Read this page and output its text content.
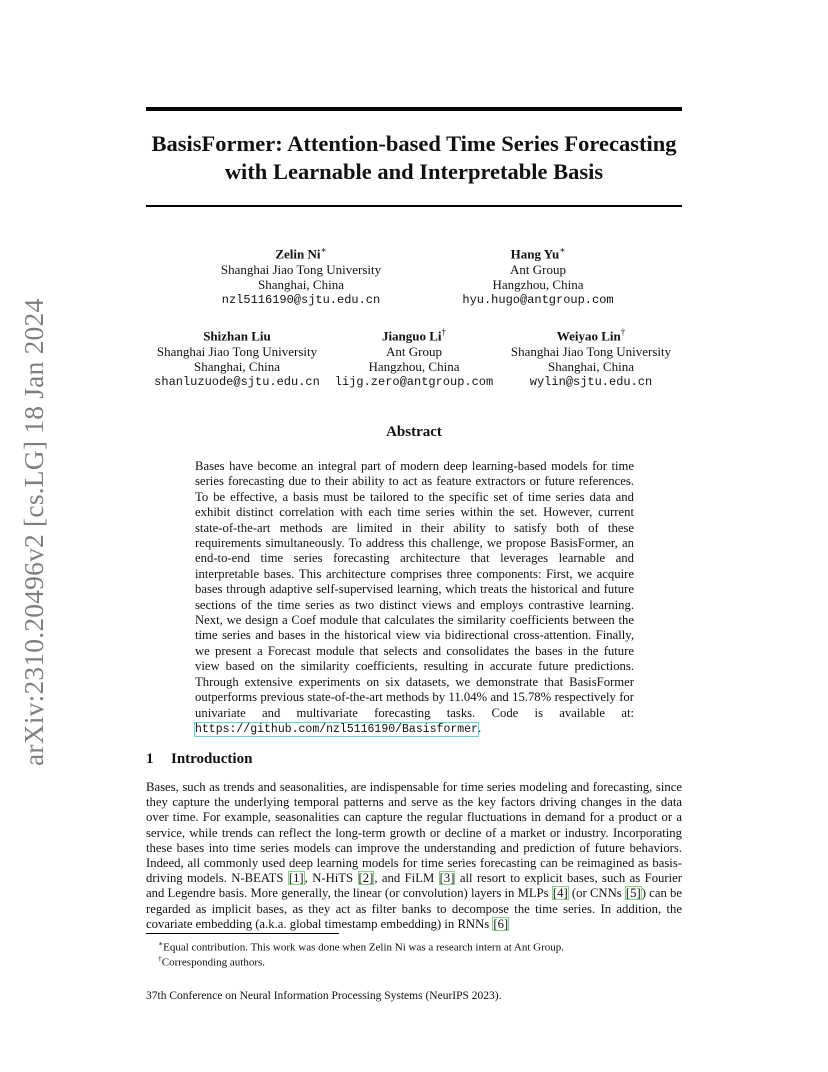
arXiv:2310.20496v2 [cs.LG] 18 Jan 2024
BasisFormer: Attention-based Time Series Forecasting
with Learnable and Interpretable Basis
Zelin Ni∗
Shanghai Jiao Tong University
Shanghai, China
nzl5116190@sjtu.edu.cn
Hang Yu∗
Ant Group
Hangzhou, China
hyu.hugo@antgroup.com
Shizhan Liu
Shanghai Jiao Tong University
Shanghai, China
shanluzuode@sjtu.edu.cn
Jianguo Li†
Ant Group
Hangzhou, China
lijg.zero@antgroup.com
Weiyao Lin†
Shanghai Jiao Tong University
Shanghai, China
wylin@sjtu.edu.cn
Abstract
Bases have become an integral part of modern deep learning-based models for time series forecasting due to their ability to act as feature extractors or future references. To be effective, a basis must be tailored to the specific set of time series data and exhibit distinct correlation with each time series within the set. However, current state-of-the-art methods are limited in their ability to satisfy both of these requirements simultaneously. To address this challenge, we propose BasisFormer, an end-to-end time series forecasting architecture that leverages learnable and interpretable bases. This architecture comprises three components: First, we acquire bases through adaptive self-supervised learning, which treats the historical and future sections of the time series as two distinct views and employs contrastive learning. Next, we design a Coef module that calculates the similarity coefficients between the time series and bases in the historical view via bidirectional cross-attention. Finally, we present a Forecast module that selects and consolidates the bases in the future view based on the similarity coefficients, resulting in accurate future predictions. Through extensive experiments on six datasets, we demonstrate that BasisFormer outperforms previous state-of-the-art methods by 11.04% and 15.78% respectively for univariate and multivariate forecasting tasks. Code is available at: https://github.com/nzl5116190/Basisformer.
1 Introduction
Bases, such as trends and seasonalities, are indispensable for time series modeling and forecasting, since they capture the underlying temporal patterns and serve as the key factors driving changes in the data over time. For example, seasonalities can capture the regular fluctuations in demand for a product or a service, while trends can reflect the long-term growth or decline of a market or industry. Incorporating these bases into time series models can improve the understanding and prediction of future behaviors. Indeed, all commonly used deep learning models for time series forecasting can be reimagined as basis-driving models. N-BEATS [1], N-HiTS [2], and FiLM [3] all resort to explicit bases, such as Fourier and Legendre basis. More generally, the linear (or convolution) layers in MLPs [4] (or CNNs [5]) can be regarded as implicit bases, as they act as filter banks to decompose the time series. In addition, the covariate embedding (a.k.a. global timestamp embedding) in RNNs [6]
∗Equal contribution. This work was done when Zelin Ni was a research intern at Ant Group.
†Corresponding authors.
37th Conference on Neural Information Processing Systems (NeurIPS 2023).
